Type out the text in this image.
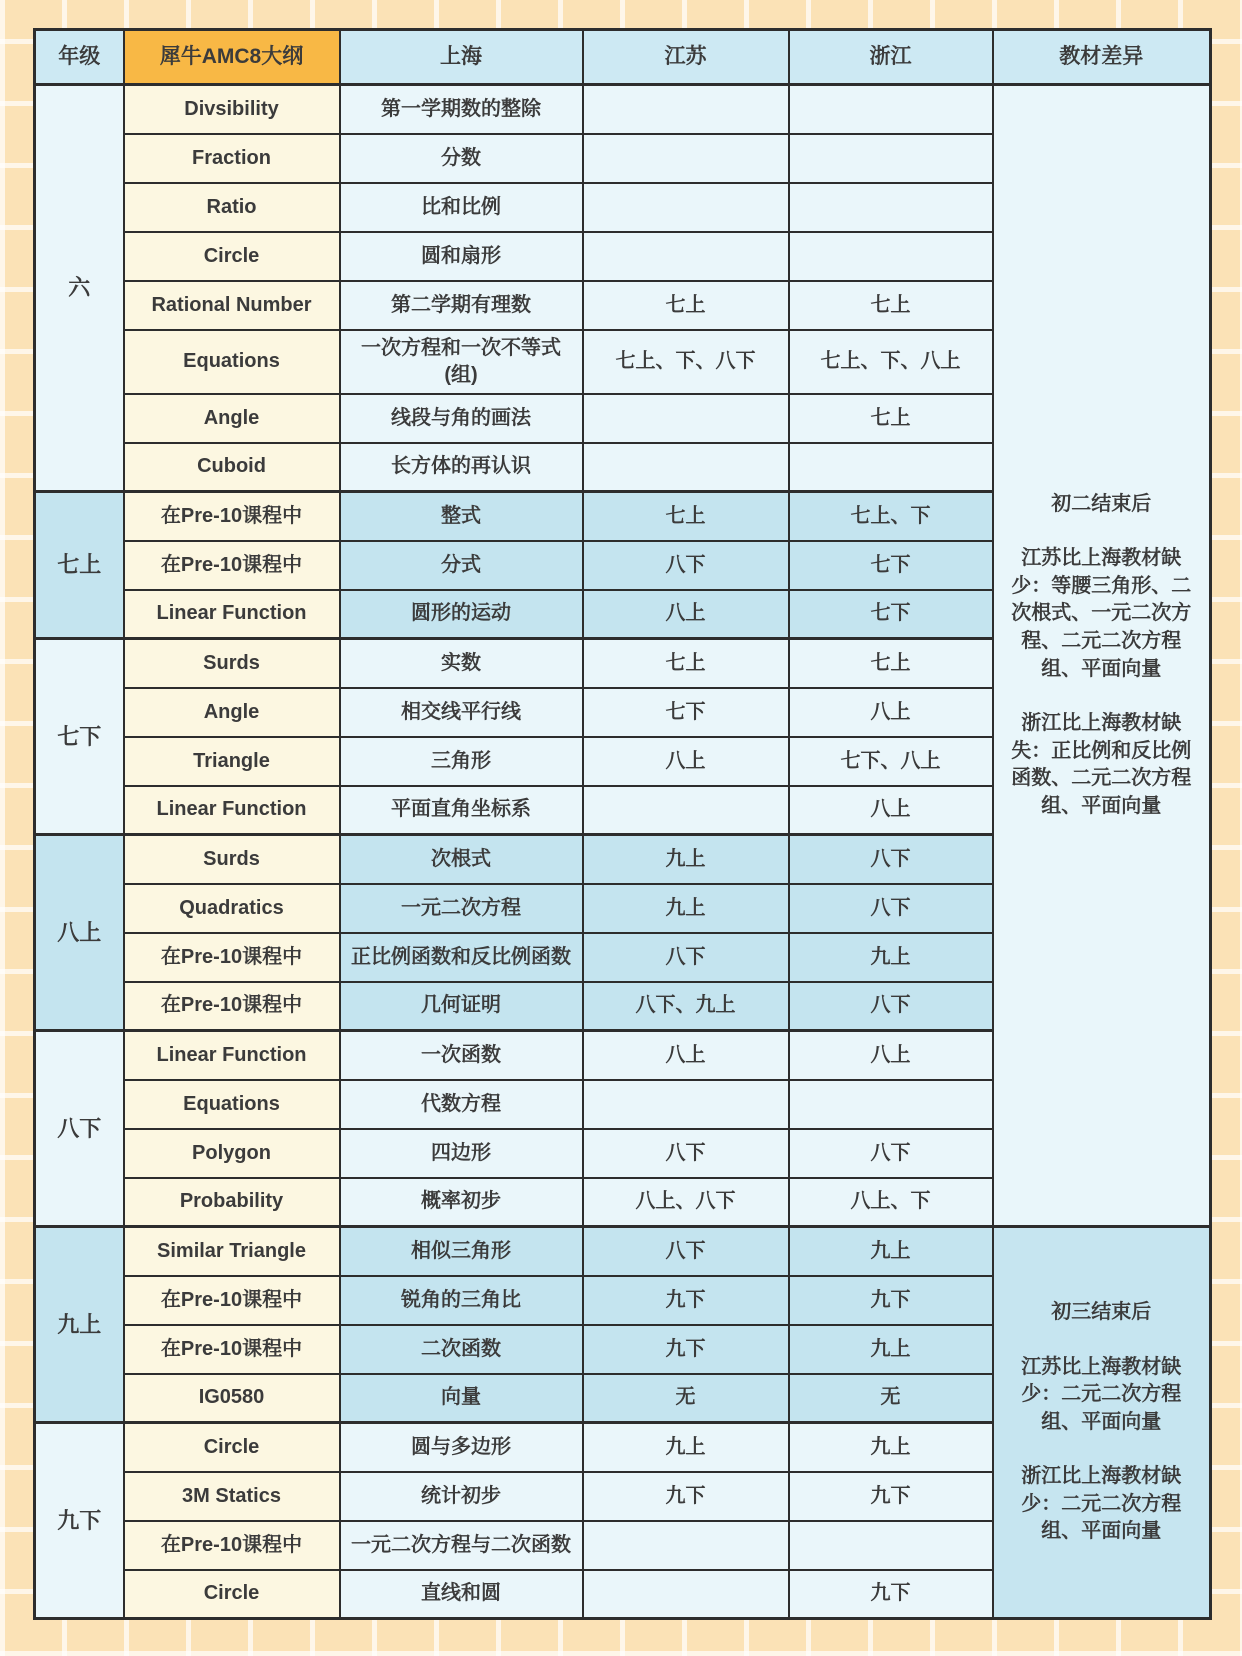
年级	犀牛AMC8大纲	上海	江苏	浙江	教材差异
六	Divsibility	第一学期数的整除			初二结束后
江苏比上海教材缺少：等腰三角形、二次根式、一元二次方程、二元二次方程组、平面向量
浙江比上海教材缺失：正比例和反比例函数、二元二次方程组、平面向量

	Fraction	分数			
	Ratio	比和比例			
	Circle	圆和扇形			
	Rational Number	第二学期有理数	七上	七上	
	Equations	一次方程和一次不等式(组)	七上、下、八下	七上、下、八上	
	Angle	线段与角的画法		七上	
	Cuboid	长方体的再认识			
七上	在Pre-10课程中	整式	七上	七上、下	
	在Pre-10课程中	分式	八下	七下	
	Linear Function	圆形的运动	八上	七下	
七下	Surds	实数	七上	七上	
	Angle	相交线平行线	七下	八上	
	Triangle	三角形	八上	七下、八上	
	Linear Function	平面直角坐标系		八上	
八上	Surds	次根式	九上	八下	
	Quadratics	一元二次方程	九上	八下	
	在Pre-10课程中	正比例函数和反比例函数	八下	九上	
	在Pre-10课程中	几何证明	八下、九上	八下	
八下	Linear Function	一次函数	八上	八上	
	Equations	代数方程			
	Polygon	四边形	八下	八下	
	Probability	概率初步	八上、八下	八上、下	
九上	Similar Triangle	相似三角形	八下	九上	初三结束后
江苏比上海教材缺少：二元二次方程组、平面向量
浙江比上海教材缺少：二元二次方程组、平面向量

	在Pre-10课程中	锐角的三角比	九下	九下	
	在Pre-10课程中	二次函数	九下	九上	
	IG0580	向量	无	无	
九下	Circle	圆与多边形	九上	九上	
	3M Statics	统计初步	九下	九下	
	在Pre-10课程中	一元二次方程与二次函数			
	Circle	直线和圆		九下	
